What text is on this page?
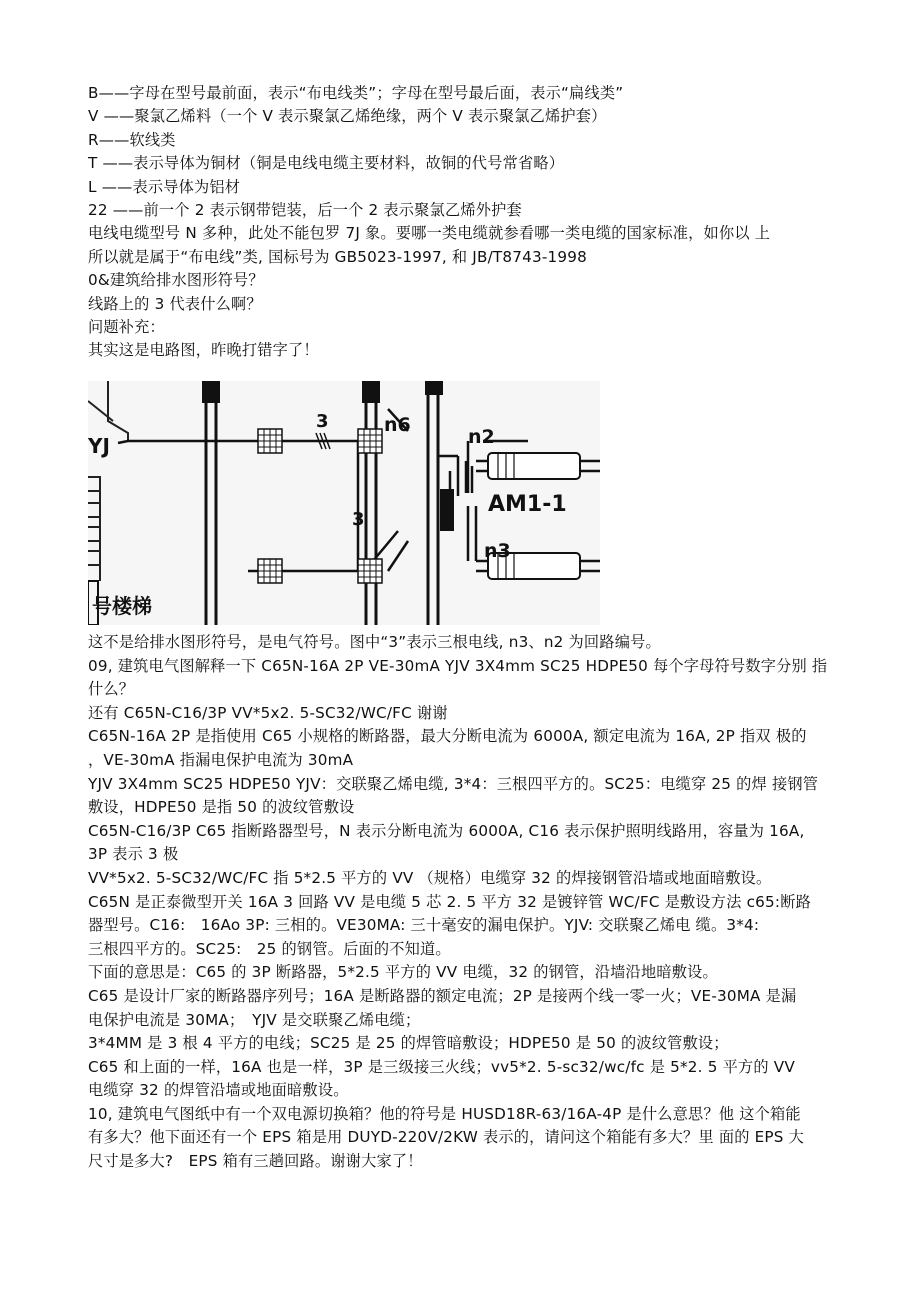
B——字母在型号最前面，表示“布电线类”；字母在型号最后面，表示“扁线类”
V ——聚氯乙烯料（一个 V 表示聚氯乙烯绝缘，两个 V 表示聚氯乙烯护套）
R——软线类
T ——表示导体为铜材（铜是电线电缆主要材料，故铜的代号常省略）
L ——表示导体为铝材
22 ——前一个 2 表示钢带铠装，后一个 2 表示聚氯乙烯外护套
电线电缆型号 N 多种，此处不能包罗 7J 象。要哪一类电缆就参看哪一类电缆的国家标准，如你以 上
所以就是属于“布电线”类, 国标号为 GB5023-1997, 和 JB/T8743-1998
0&建筑给排水图形符号？
线路上的 3 代表什么啊？
问题补充：
其实这是电路图，昨晚打错字了！
n6
n2
n3
AM1-1
3
3
YJ
号楼梯
这不是给排水图形符号，是电气符号。图中“3”表示三根电线, n3、n2 为回路编号。
09, 建筑电气图解释一下 C65N-16A 2P VE-30mA YJV 3X4mm SC25 HDPE50 每个字母符号数字分别 指
什么？
还有 C65N-C16/3P VV*5x2. 5-SC32/WC/FC 谢谢
C65N-16A 2P 是指使用 C65 小规格的断路器，最大分断电流为 6000A, 额定电流为 16A, 2P 指双 极的
，VE-30mA 指漏电保护电流为 30mA
YJV 3X4mm SC25 HDPE50 YJV：交联聚乙烯电缆, 3*4：三根四平方的。SC25：电缆穿 25 的焊 接钢管
敷设，HDPE50 是指 50 的波纹管敷设
C65N-C16/3P C65 指断路器型号，N 表示分断电流为 6000A, C16 表示保护照明线路用，容量为 16A,
3P 表示 3 极
VV*5x2. 5-SC32/WC/FC 指 5*2.5 平方的 VV （规格）电缆穿 32 的焊接钢管沿墙或地面暗敷设。
C65N 是正泰微型开关 16A 3 回路 VV 是电缆 5 芯 2. 5 平方 32 是镀锌管 WC/FC 是敷设方法 c65:断路
器型号。C16:　16Ao 3P: 三相的。VE30MA: 三十毫安的漏电保护。YJV: 交联聚乙烯电 缆。3*4:
三根四平方的。SC25:　25 的钢管。后面的不知道。
下面的意思是：C65 的 3P 断路器，5*2.5 平方的 VV 电缆，32 的钢管，沿墙沿地暗敷设。
C65 是设计厂家的断路器序列号；16A 是断路器的额定电流；2P 是接两个线一零一火；VE-30MA 是漏
电保护电流是 30MA；　YJV 是交联聚乙烯电缆；
3*4MM 是 3 根 4 平方的电线；SC25 是 25 的焊管暗敷设；HDPE50 是 50 的波纹管敷设；
C65 和上面的一样，16A 也是一样，3P 是三级接三火线；vv5*2. 5-sc32/wc/fc 是 5*2. 5 平方的 VV
电缆穿 32 的焊管沿墙或地面暗敷设。
10, 建筑电气图纸中有一个双电源切换箱？他的符号是 HUSD18R-63/16A-4P 是什么意思？他 这个箱能
有多大？他下面还有一个 EPS 箱是用 DUYD-220V/2KW 表示的，请问这个箱能有多大？里 面的 EPS 大
尺寸是多大?　EPS 箱有三趟回路。谢谢大家了！
